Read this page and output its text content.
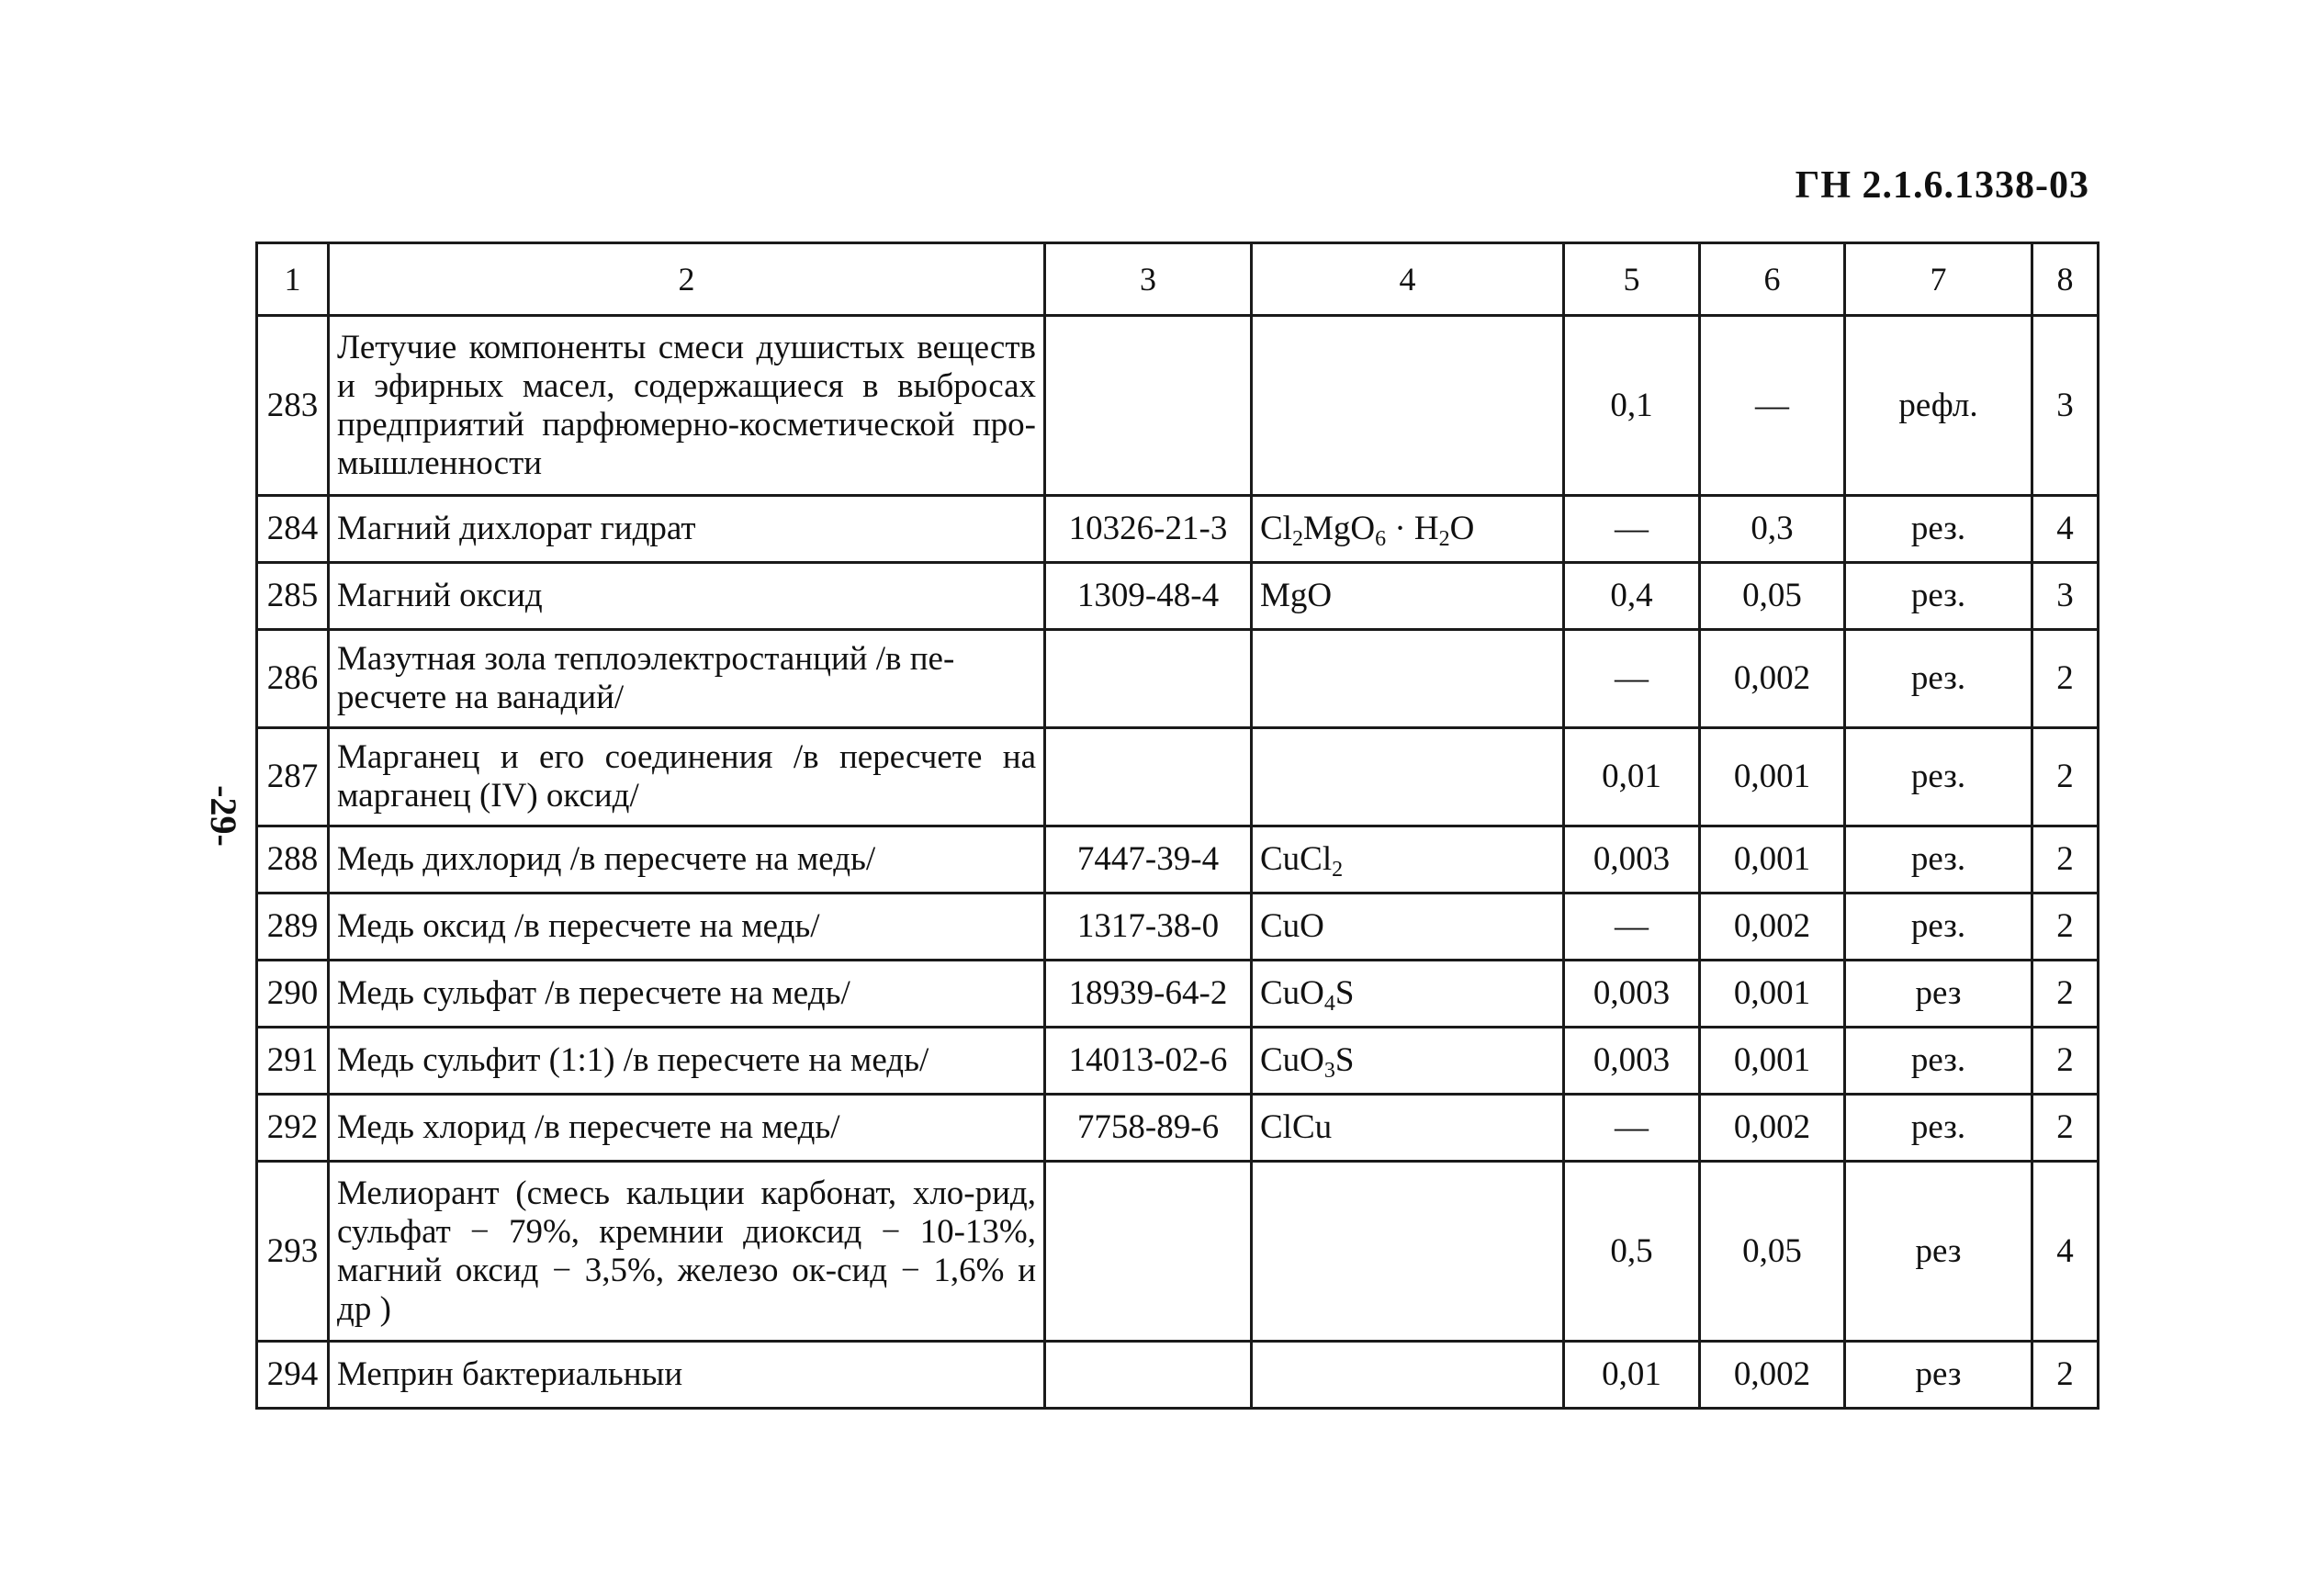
ГН 2.1.6.1338-03
-29-
1	2	3	4	5	6	7	8
283	Летучие компоненты смеси душистых веществ и эфирных масел, содержащиеся в выбросах предприятий парфюмерно-косметической про-мышленности			0,1	—	рефл.	3
284	Магний дихлорат гидрат	10326-21-3	$Cl_2MgO_6 \cdot H_2O$	—	0,3	рез.	4
285	Магний оксид	1309-48-4	MgO	0,4	0,05	рез.	3
286	Мазутная зола теплоэлектростанций /в пе-ресчете на ванадий/			—	0,002	рез.	2
287	Марганец и его соединения /в пересчете на марганец (IV) оксид/			0,01	0,001	рез.	2
288	Медь дихлорид /в пересчете на медь/	7447-39-4	CuCl$_2$	0,003	0,001	рез.	2
289	Медь оксид /в пересчете на медь/	1317-38-0	CuO	—	0,002	рез.	2
290	Медь сульфат /в пересчете на медь/	18939-64-2	CuO$_4$S	0,003	0,001	рез	2
291	Медь сульфит (1:1) /в пересчете на медь/	14013-02-6	CuO$_3$S	0,003	0,001	рез.	2
292	Медь хлорид /в пересчете на медь/	7758-89-6	ClCu	—	0,002	рез.	2
293	Мелиорант (смесь кальции карбонат, хло-рид, сульфат − 79%, кремнии диоксид − 10-13%, магний оксид − 3,5%, железо ок-сид − 1,6% и др )			0,5	0,05	рез	4
294	Меприн бактериальныи			0,01	0,002	рез	2
